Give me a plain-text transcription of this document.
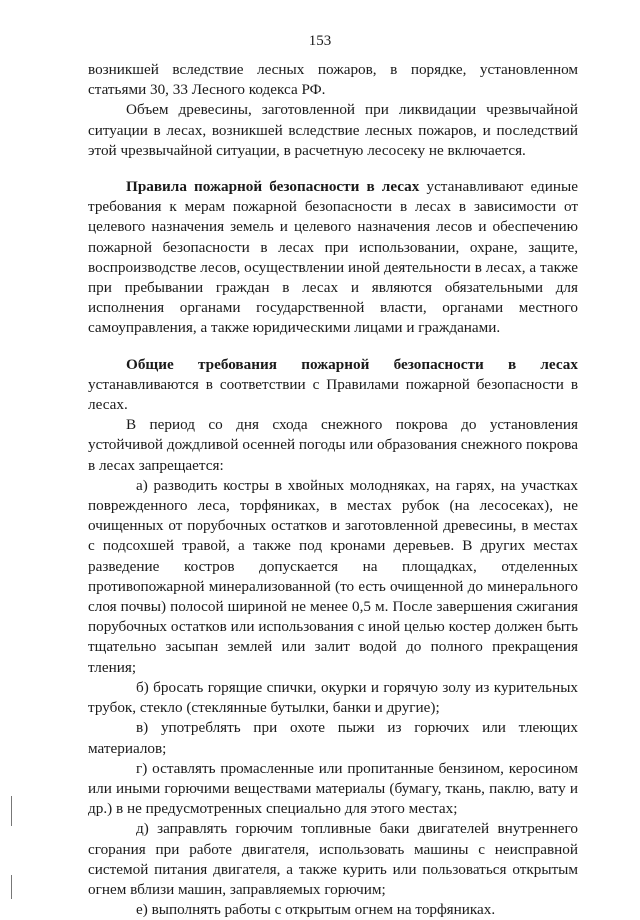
153

возникшей вследствие лесных пожаров, в порядке, установленном статьями 30, 33 Лесного кодекса РФ.

Объем древесины, заготовленной при ликвидации чрезвычайной ситуации в лесах, возникшей вследствие лесных пожаров, и последствий этой чрезвычайной ситуации, в расчетную лесосеку не включается.

Правила пожарной безопасности в лесах устанавливают единые требования к мерам пожарной безопасности в лесах в зависимости от целевого назначения земель и целевого назначения лесов и обеспечению пожарной безопасности в лесах при использовании, охране, защите, воспроизводстве лесов, осуществлении иной деятельности в лесах, а также при пребывании граждан в лесах и являются обязательными для исполнения органами государственной власти, органами местного самоуправления, а также юридическими лицами и гражданами.

Общие требования пожарной безопасности в лесах

устанавливаются в соответствии с Правилами пожарной безопасности в лесах.

В период со дня схода снежного покрова до установления устойчивой дождливой осенней погоды или образования снежного покрова в лесах запрещается:

а) разводить костры в хвойных молодняках, на гарях, на участках поврежденного леса, торфяниках, в местах рубок (на лесосеках), не очищенных от порубочных остатков и заготовленной древесины, в местах с подсохшей травой, а также под кронами деревьев. В других местах разведение костров допускается на площадках, отделенных противопожарной минерализованной (то есть очищенной до минерального слоя почвы) полосой шириной не менее 0,5 м. После завершения сжигания порубочных остатков или использования с иной целью костер должен быть тщательно засыпан землей или залит водой до полного прекращения тления;

б) бросать горящие спички, окурки и горячую золу из курительных трубок, стекло (стеклянные бутылки, банки и другие);

в) употреблять при охоте пыжи из горючих или тлеющих материалов;

г) оставлять промасленные или пропитанные бензином, керосином или иными горючими веществами материалы (бумагу, ткань, паклю, вату и др.) в не предусмотренных специально для этого местах;

д) заправлять горючим топливные баки двигателей внутреннего сгорания при работе двигателя, использовать машины с неисправной системой питания двигателя, а также курить или пользоваться открытым огнем вблизи машин, заправляемых горючим;

е) выполнять работы с открытым огнем на торфяниках.
